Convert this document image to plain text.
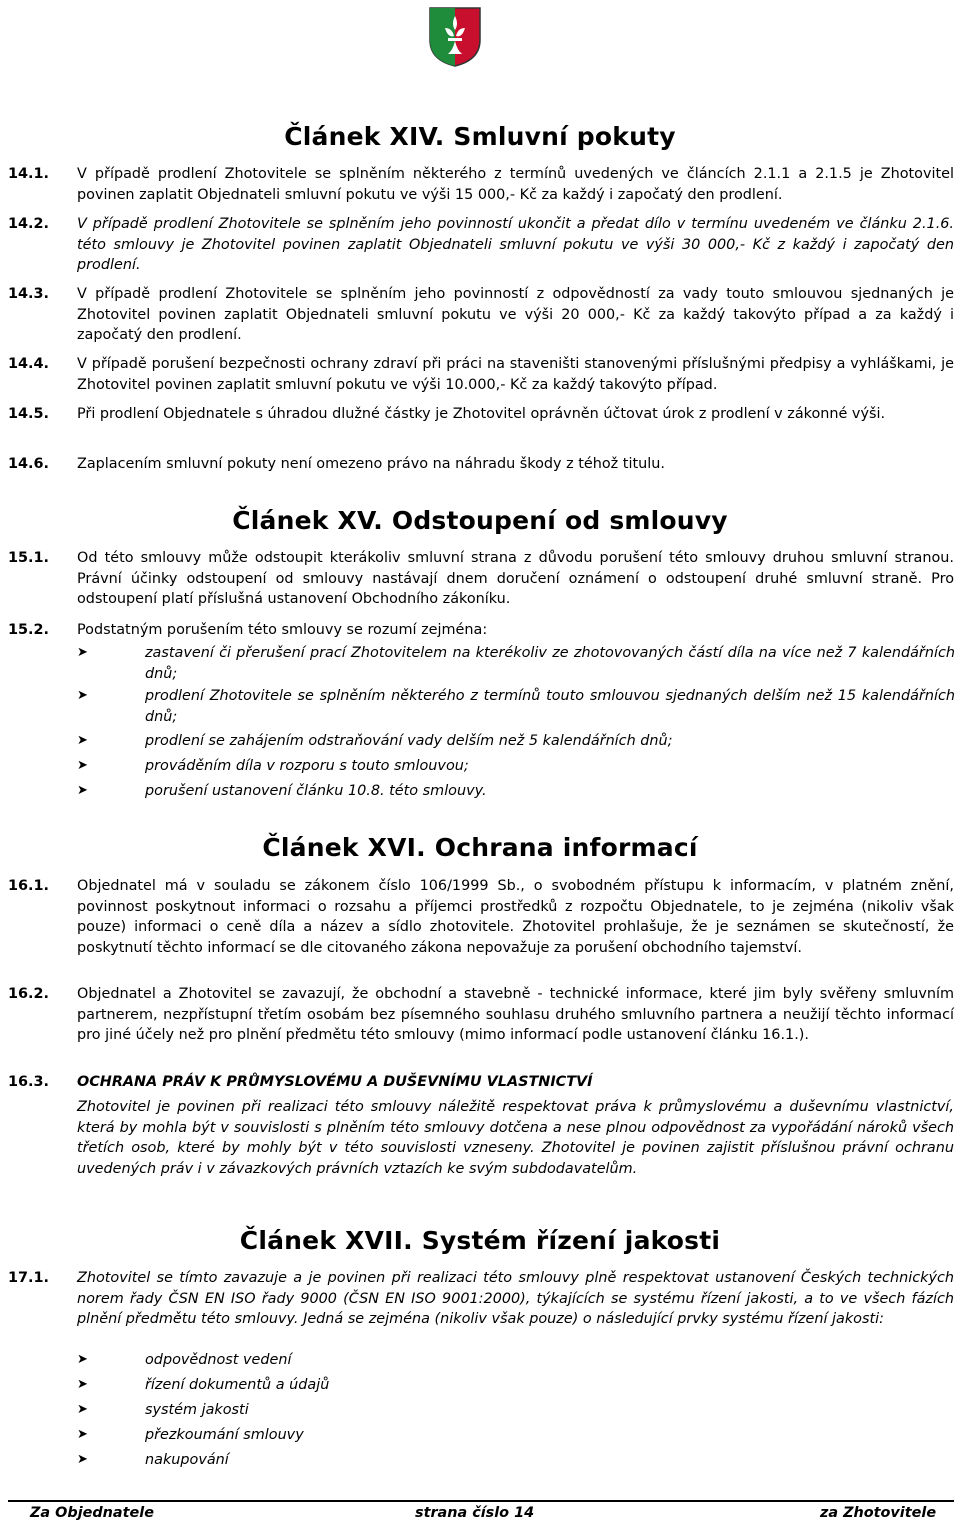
Článek XIV. Smluvní pokuty
14.1.	V případě prodlení Zhotovitele se splněním některého z termínů uvedených ve článcích 2.1.1 a 2.1.5 je Zhotovitel povinen zaplatit Objednateli smluvní pokutu ve výši 15 000,- Kč za každý i započatý den prodlení.
14.2.	V případě prodlení Zhotovitele se splněním jeho povinností ukončit a předat dílo v termínu uvedeném ve článku 2.1.6. této smlouvy je Zhotovitel povinen zaplatit Objednateli smluvní pokutu ve výši 30 000,- Kč z každý i započatý den prodlení.
14.3.	V případě prodlení Zhotovitele se splněním jeho povinností z odpovědností za vady touto smlouvou sjednaných je Zhotovitel povinen zaplatit Objednateli smluvní pokutu ve výši 20 000,- Kč za každý takovýto případ a za každý i započatý den prodlení.
14.4.	V případě porušení bezpečnosti ochrany zdraví při práci na staveništi stanovenými příslušnými předpisy a vyhláškami, je Zhotovitel povinen zaplatit smluvní pokutu ve výši 10.000,- Kč za každý takovýto případ.
14.5.	Při prodlení Objednatele s úhradou dlužné částky je Zhotovitel oprávněn účtovat úrok z prodlení v zákonné výši.
14.6.	Zaplacením smluvní pokuty není omezeno právo na náhradu škody z téhož titulu.
Článek XV. Odstoupení od smlouvy
15.1.	Od této smlouvy může odstoupit kterákoliv smluvní strana z důvodu porušení této smlouvy druhou smluvní stranou. Právní účinky odstoupení od smlouvy nastávají dnem doručení oznámení o odstoupení druhé smluvní straně. Pro odstoupení platí příslušná ustanovení Obchodního zákoníku.
15.2.	Podstatným porušením této smlouvy se rozumí zejména:
➤	zastavení či přerušení prací Zhotovitelem na kterékoliv ze zhotovovaných částí díla na více než 7 kalendářních dnů;
➤	prodlení Zhotovitele se splněním některého z termínů touto smlouvou sjednaných delším než 15 kalendářních dnů;
➤	prodlení se zahájením odstraňování vady delším než 5 kalendářních dnů;
➤	prováděním díla v rozporu s touto smlouvou;
➤	porušení ustanovení článku 10.8. této smlouvy.
Článek XVI. Ochrana informací
16.1.	Objednatel má v souladu se zákonem číslo 106/1999 Sb., o svobodném přístupu k informacím, v platném znění, povinnost poskytnout informaci o rozsahu a příjemci prostředků z rozpočtu Objednatele, to je zejména (nikoliv však pouze) informaci o ceně díla a název a sídlo zhotovitele. Zhotovitel prohlašuje, že je seznámen se skutečností, že poskytnutí těchto informací se dle citovaného zákona nepovažuje za porušení obchodního tajemství.
16.2.	Objednatel a Zhotovitel se zavazují, že obchodní a stavebně - technické informace, které jim byly svěřeny smluvním partnerem, nezpřístupní třetím osobám bez písemného souhlasu druhého smluvního partnera a neužijí těchto informací pro jiné účely než pro plnění předmětu této smlouvy (mimo informací podle ustanovení článku 16.1.).
16.3.	OCHRANA PRÁV K PRŮMYSLOVÉMU A DUŠEVNÍMU VLASTNICTVÍ
Zhotovitel je povinen při realizaci této smlouvy náležitě respektovat práva k průmyslovému a duševnímu vlastnictví, která by mohla být v souvislosti s plněním této smlouvy dotčena a nese plnou odpovědnost za vypořádání nároků všech třetích osob, které by mohly být v této souvislosti vzneseny. Zhotovitel je povinen zajistit příslušnou právní ochranu uvedených práv i v závazkových právních vztazích ke svým subdodavatelům.
Článek XVII. Systém řízení jakosti
17.1.	Zhotovitel se tímto zavazuje a je povinen při realizaci této smlouvy plně respektovat ustanovení Českých technických norem řady ČSN EN ISO řady 9000 (ČSN EN ISO 9001:2000), týkajících se systému řízení jakosti, a to ve všech fázích plnění předmětu této smlouvy. Jedná se zejména (nikoliv však pouze) o následující prvky systému řízení jakosti:
➤	odpovědnost vedení
➤	řízení dokumentů a údajů
➤	systém jakosti
➤	přezkoumání smlouvy
➤	nakupování
Za Objednatele	strana číslo 14	za Zhotovitele
